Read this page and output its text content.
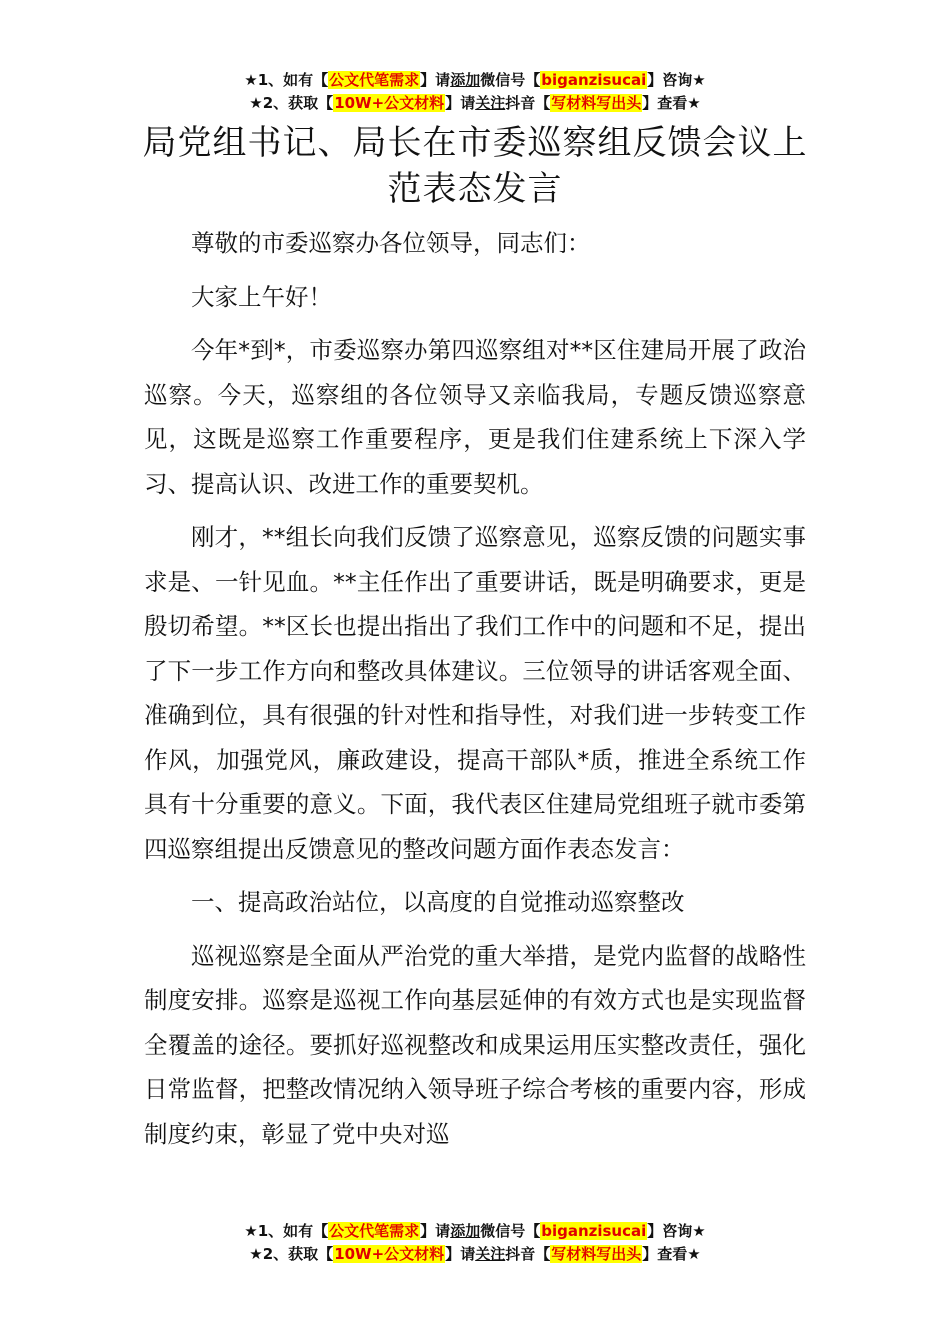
★1、如有【公文代笔需求】请添加微信号【biganzisucai】咨询★
★2、获取【10W+公文材料】请关注抖音【写材料写出头】查看★
局党组书记、局长在市委巡察组反馈会议上范表态发言

尊敬的市委巡察办各位领导，同志们：

大家上午好！

今年*到*，市委巡察办第四巡察组对**区住建局开展了政治巡察。今天，巡察组的各位领导又亲临我局，专题反馈巡察意见，这既是巡察工作重要程序，更是我们住建系统上下深入学习、提高认识、改进工作的重要契机。

刚才，**组长向我们反馈了巡察意见，巡察反馈的问题实事求是、一针见血。**主任作出了重要讲话，既是明确要求，更是殷切希望。**区长也提出指出了我们工作中的问题和不足，提出了下一步工作方向和整改具体建议。三位领导的讲话客观全面、准确到位，具有很强的针对性和指导性，对我们进一步转变工作作风，加强党风，廉政建设，提高干部队*质，推进全系统工作具有十分重要的意义。下面，我代表区住建局党组班子就市委第四巡察组提出反馈意见的整改问题方面作表态发言：

一、提高政治站位，以高度的自觉推动巡察整改

巡视巡察是全面从严治党的重大举措，是党内监督的战略性制度安排。巡察是巡视工作向基层延伸的有效方式也是实现监督全覆盖的途径。要抓好巡视整改和成果运用压实整改责任，强化日常监督，把整改情况纳入领导班子综合考核的重要内容，形成制度约束，彰显了党中央对巡

★1、如有【公文代笔需求】请添加微信号【biganzisucai】咨询★
★2、获取【10W+公文材料】请关注抖音【写材料写出头】查看★
